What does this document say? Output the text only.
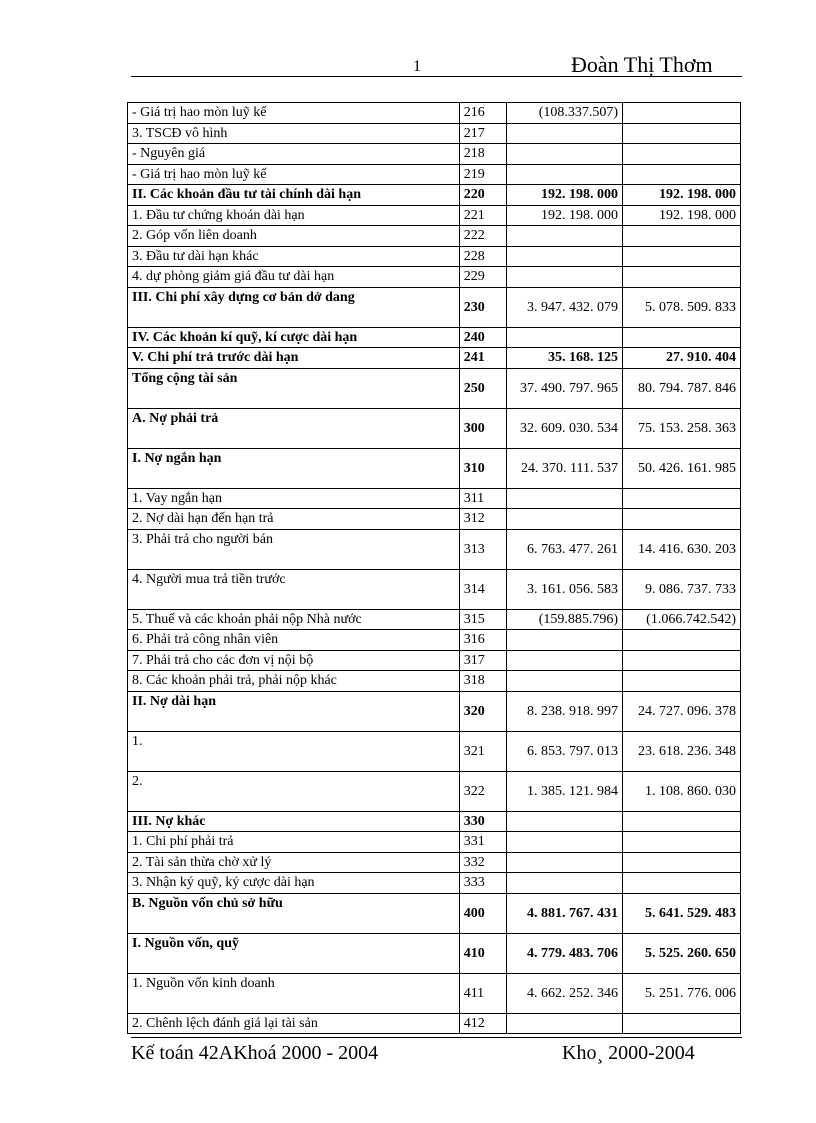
1	Đoàn Thị Thơm
- Giá trị hao mòn luỹ kế	216	(108.337.507)	
3. TSCĐ vô hình	217		
- Nguyên giá	218		
- Giá trị hao mòn luỹ kế	219		
II. Các khoản đầu tư tài chính dài hạn	220	192. 198. 000	192. 198. 000
1. Đầu tư chứng khoán dài hạn	221	192. 198. 000	192. 198. 000
2. Góp vốn liên doanh	222		
3. Đầu tư dài hạn khác	228		
4. dự phòng giảm giá đầu tư dài hạn	229		
III. Chi phí xây dựng cơ bản dở dang	230	3. 947. 432. 079	5. 078. 509. 833
IV. Các khoản kí quỹ, kí cược dài hạn	240		
V. Chi phí trả trước dài hạn	241	35. 168. 125	27. 910. 404
Tổng cộng tài sản	250	37. 490. 797. 965	80. 794. 787. 846
A. Nợ phải trả	300	32. 609. 030. 534	75. 153. 258. 363
I. Nợ ngắn hạn	310	24. 370. 111. 537	50. 426. 161. 985
1. Vay ngắn hạn	311		
2. Nợ dài hạn đến hạn trả	312		
3. Phải trả cho người bán	313	6. 763. 477. 261	14. 416. 630. 203
4. Người mua trả tiền trước	314	3. 161. 056. 583	9. 086. 737. 733
5. Thuế và các khoản phải nộp Nhà nước	315	(159.885.796)	(1.066.742.542)
6. Phải trả công nhân viên	316		
7. Phải trả cho các đơn vị nội bộ	317		
8. Các khoản phải trả, phải nộp khác	318		
II. Nợ dài hạn	320	8. 238. 918. 997	24. 727. 096. 378
1.	321	6. 853. 797. 013	23. 618. 236. 348
2.	322	1. 385. 121. 984	1. 108. 860. 030
III. Nợ khác	330		
1. Chi phí phải trả	331		
2. Tài sản thừa chờ xử lý	332		
3. Nhận ký quỹ, ký cược dài hạn	333		
B. Nguồn vốn chủ sở hữu	400	4. 881. 767. 431	5. 641. 529. 483
I. Nguồn vốn, quỹ	410	4. 779. 483. 706	5. 525. 260. 650
1. Nguồn vốn kinh doanh	411	4. 662. 252. 346	5. 251. 776. 006
2. Chênh lệch đánh giá lại tài sản	412		
Kế toán 42AKhoá 2000 - 2004	Kho¸ 2000-2004
